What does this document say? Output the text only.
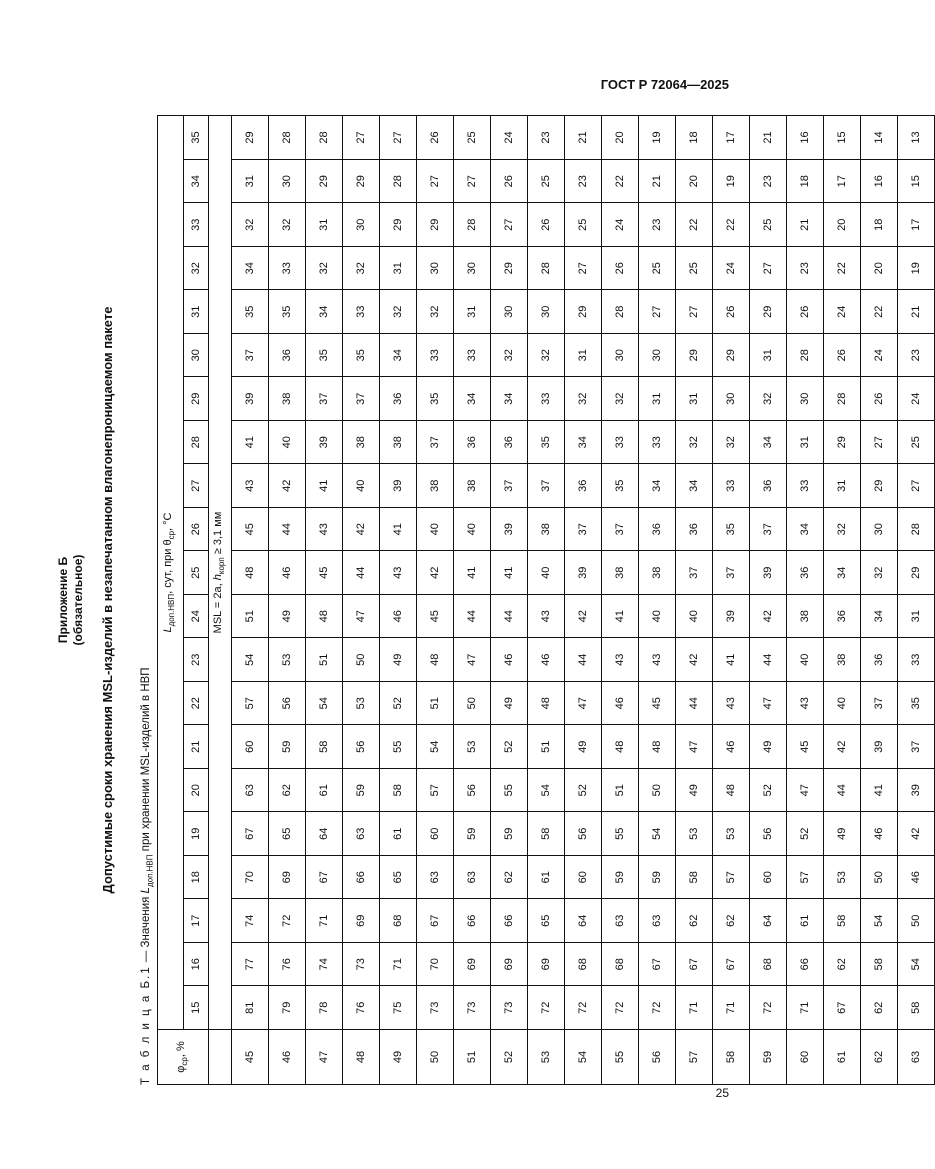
ГОСТ Р 72064—2025
Приложение Б (обязательное) Допустимые сроки хранения MSL-изделий в незапечатанном влагонепроницаемом пакете
Т а б л и ц а Б.1 — Значения $L_{доп.НВП}$ при хранении MSL-изделий в НВП
$\varphi_{ср}$, %	$L_{доп.НВП}$, сут, при $\theta_{ср}$, °C																				
	15	16	17	18	19	20	21	22	23	24	25	26	27	28	29	30	31	32	33	34	35
	MSL = 2a, $h_{корп} \ge 3,1$ мм																				
45	81	77	74	70	67	63	60	57	54	51	48	45	43	41	39	37	35	34	32	31	29
46	79	76	72	69	65	62	59	56	53	49	46	44	42	40	38	36	35	33	32	30	28
47	78	74	71	67	64	61	58	54	51	48	45	43	41	39	37	35	34	32	31	29	28
48	76	73	69	66	63	59	56	53	50	47	44	42	40	38	37	35	33	32	30	29	27
49	75	71	68	65	61	58	55	52	49	46	43	41	39	38	36	34	32	31	29	28	27
50	73	70	67	63	60	57	54	51	48	45	42	40	38	37	35	33	32	30	29	27	26
51	73	69	66	63	59	56	53	50	47	44	41	40	38	36	34	33	31	30	28	27	25
52	73	69	66	62	59	55	52	49	46	44	41	39	37	36	34	32	30	29	27	26	24
53	72	69	65	61	58	54	51	48	46	43	40	38	37	35	33	32	30	28	26	25	23
54	72	68	64	60	56	52	49	47	44	42	39	37	36	34	32	31	29	27	25	23	21
55	72	68	63	59	55	51	48	46	43	41	38	37	35	33	32	30	28	26	24	22	20
56	72	67	63	59	54	50	48	45	43	40	38	36	34	33	31	30	27	25	23	21	19
57	71	67	62	58	53	49	47	44	42	40	37	36	34	32	31	29	27	25	22	20	18
58	71	67	62	57	53	48	46	43	41	39	37	35	33	32	30	29	26	24	22	19	17
59	72	68	64	60	56	52	49	47	44	42	39	37	36	34	32	31	29	27	25	23	21
60	71	66	61	57	52	47	45	43	40	38	36	34	33	31	30	28	26	23	21	18	16
61	67	62	58	53	49	44	42	40	38	36	34	32	31	29	28	26	24	22	20	17	15
62	62	58	54	50	46	41	39	37	36	34	32	30	29	27	26	24	22	20	18	16	14
63	58	54	50	46	42	39	37	35	33	31	29	28	27	25	24	23	21	19	17	15	13
25
